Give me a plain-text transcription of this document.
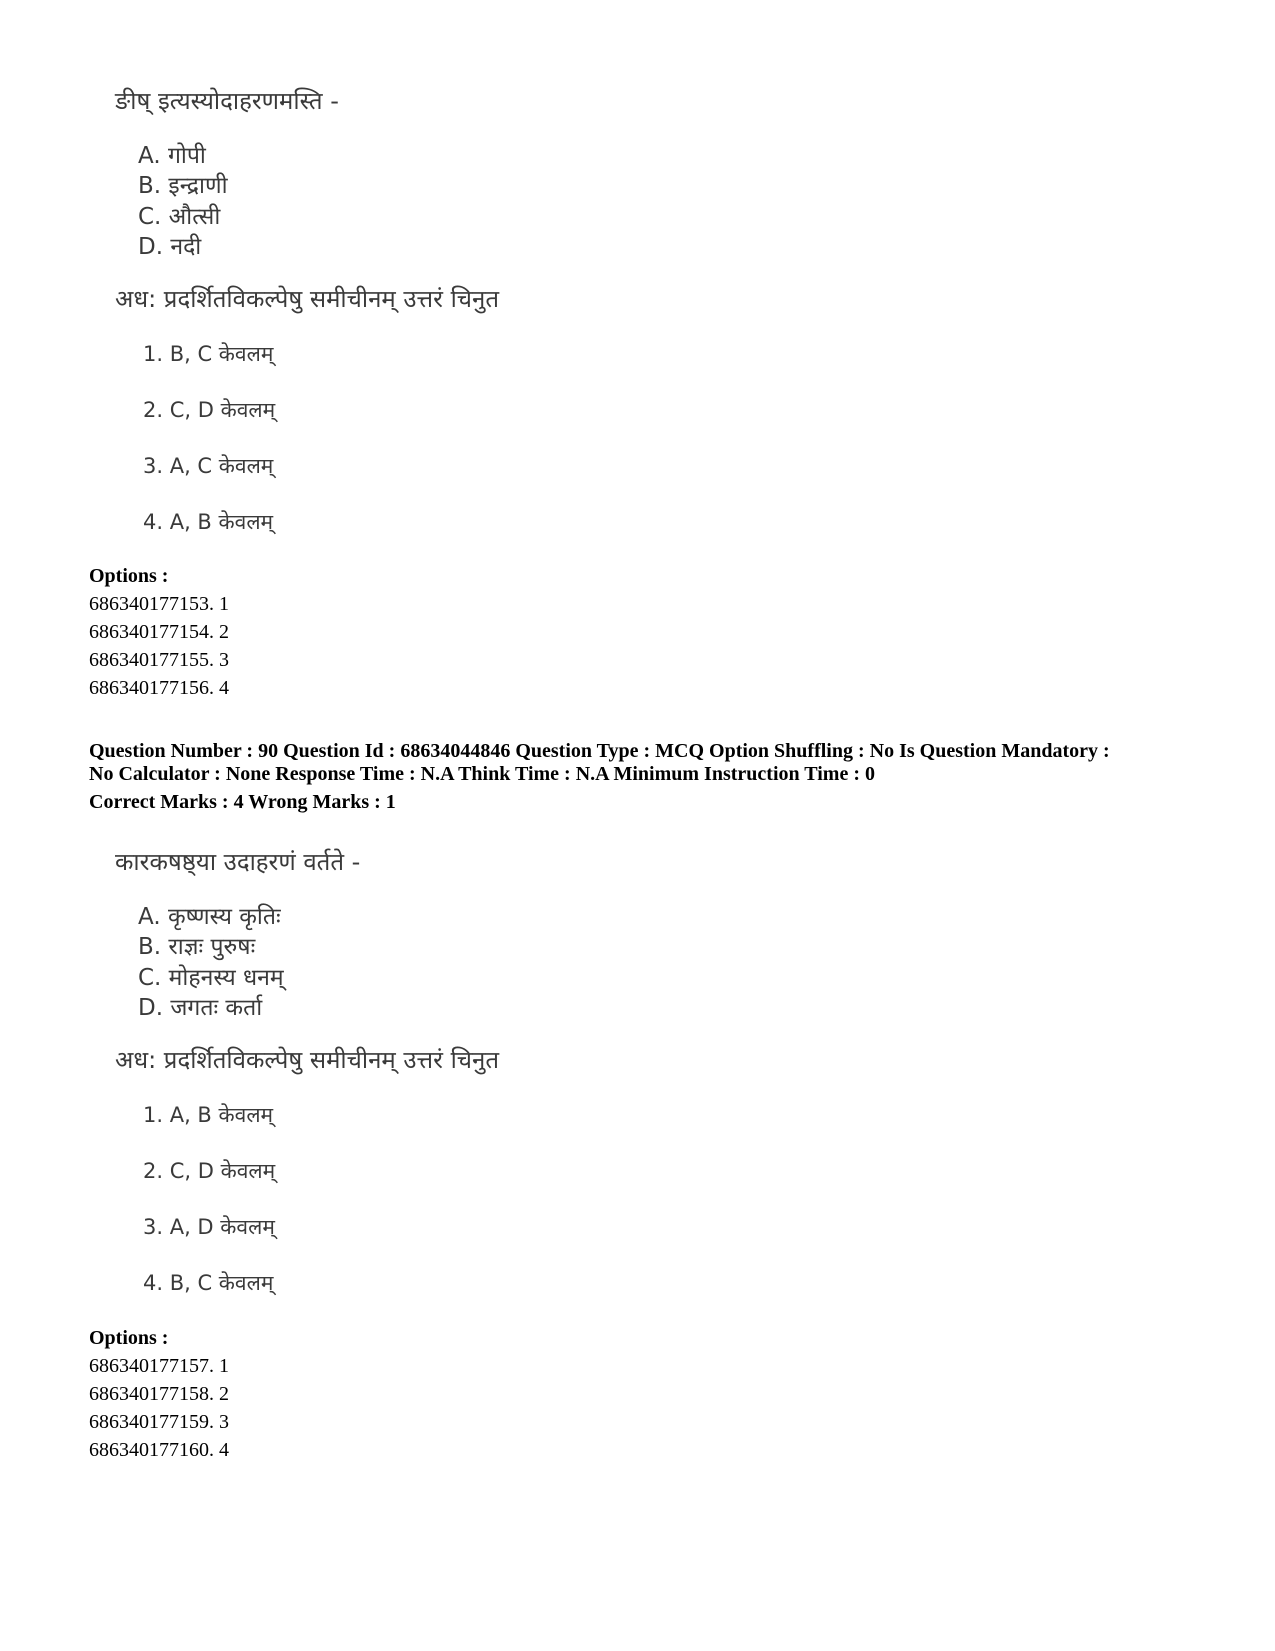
ङीष् इत्यस्योदाहरणमस्ति -
A. गोपी
B. इन्द्राणी
C. औत्सी
D. नदी
अध: प्रदर्शितविकल्पेषु समीचीनम् उत्तरं चिनुत
1. B, C केवलम्
2. C, D केवलम्
3. A, C केवलम्
4. A, B केवलम्
Options :
686340177153. 1
686340177154. 2
686340177155. 3
686340177156. 4
Question Number : 90 Question Id : 68634044846 Question Type : MCQ Option Shuffling : No Is Question Mandatory :
No Calculator : None Response Time : N.A Think Time : N.A Minimum Instruction Time : 0
Correct Marks : 4 Wrong Marks : 1
कारकषष्ठ्या उदाहरणं वर्तते -
A. कृष्णस्य कृतिः
B. राज्ञः पुरुषः
C. मोहनस्य धनम्
D. जगतः कर्ता
अध: प्रदर्शितविकल्पेषु समीचीनम् उत्तरं चिनुत
1. A, B केवलम्
2. C, D केवलम्
3. A, D केवलम्
4. B, C केवलम्
Options :
686340177157. 1
686340177158. 2
686340177159. 3
686340177160. 4
